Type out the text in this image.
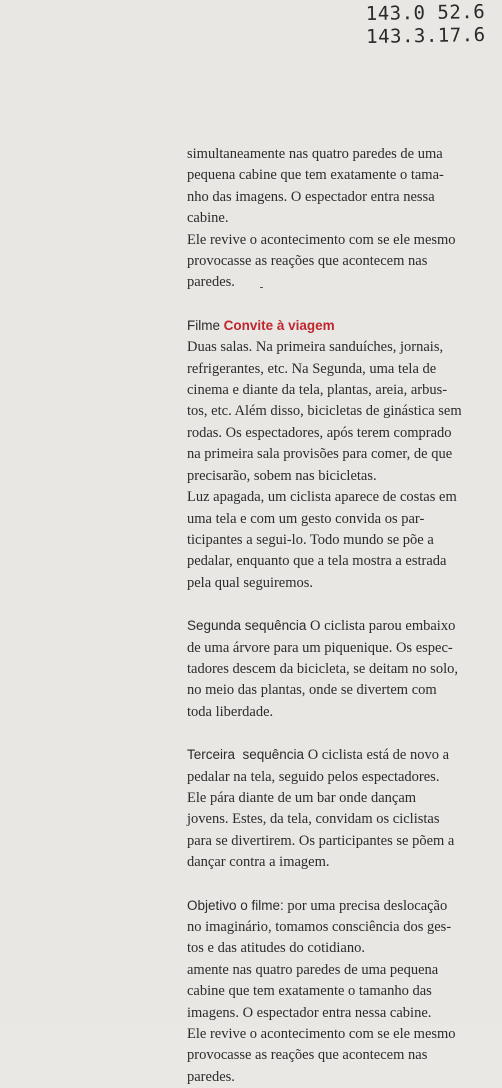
143.0 52.6
143.3.17.6

simultaneamente nas quatro paredes de uma

pequena cabine que tem exatamente o tama-

nho das imagens. O espectador entra nessa

cabine.

Ele revive o acontecimento com se ele mesmo

provocasse as reações que acontecem nas

paredes.

Filme Convite à viagem

Duas salas. Na primeira sanduíches, jornais,

refrigerantes, etc. Na Segunda, uma tela de

cinema e diante da tela, plantas, areia, arbus-

tos, etc. Além disso, bicicletas de ginástica sem

rodas. Os espectadores, após terem comprado

na primeira sala provisões para comer, de que

precisarão, sobem nas bicicletas.

Luz apagada, um ciclista aparece de costas em

uma tela e com um gesto convida os par-

ticipantes a segui-lo. Todo mundo se põe a

pedalar, enquanto que a tela mostra a estrada

pela qual seguiremos.

Segunda sequência O ciclista parou embaixo

de uma árvore para um piquenique. Os espec-

tadores descem da bicicleta, se deitam no solo,

no meio das plantas, onde se divertem com

toda liberdade.

Terceira  sequência O ciclista está de novo a

pedalar na tela, seguido pelos espectadores.

Ele pára diante de um bar onde dançam

jovens. Estes, da tela, convidam os ciclistas

para se divertirem. Os participantes se põem a

dançar contra a imagem.

Objetivo o filme: por uma precisa deslocação

no imaginário, tomamos consciência dos ges-

tos e das atitudes do cotidiano.

amente nas quatro paredes de uma pequena

cabine que tem exatamente o tamanho das

imagens. O espectador entra nessa cabine.

Ele revive o acontecimento com se ele mesmo

provocasse as reações que acontecem nas

paredes.
